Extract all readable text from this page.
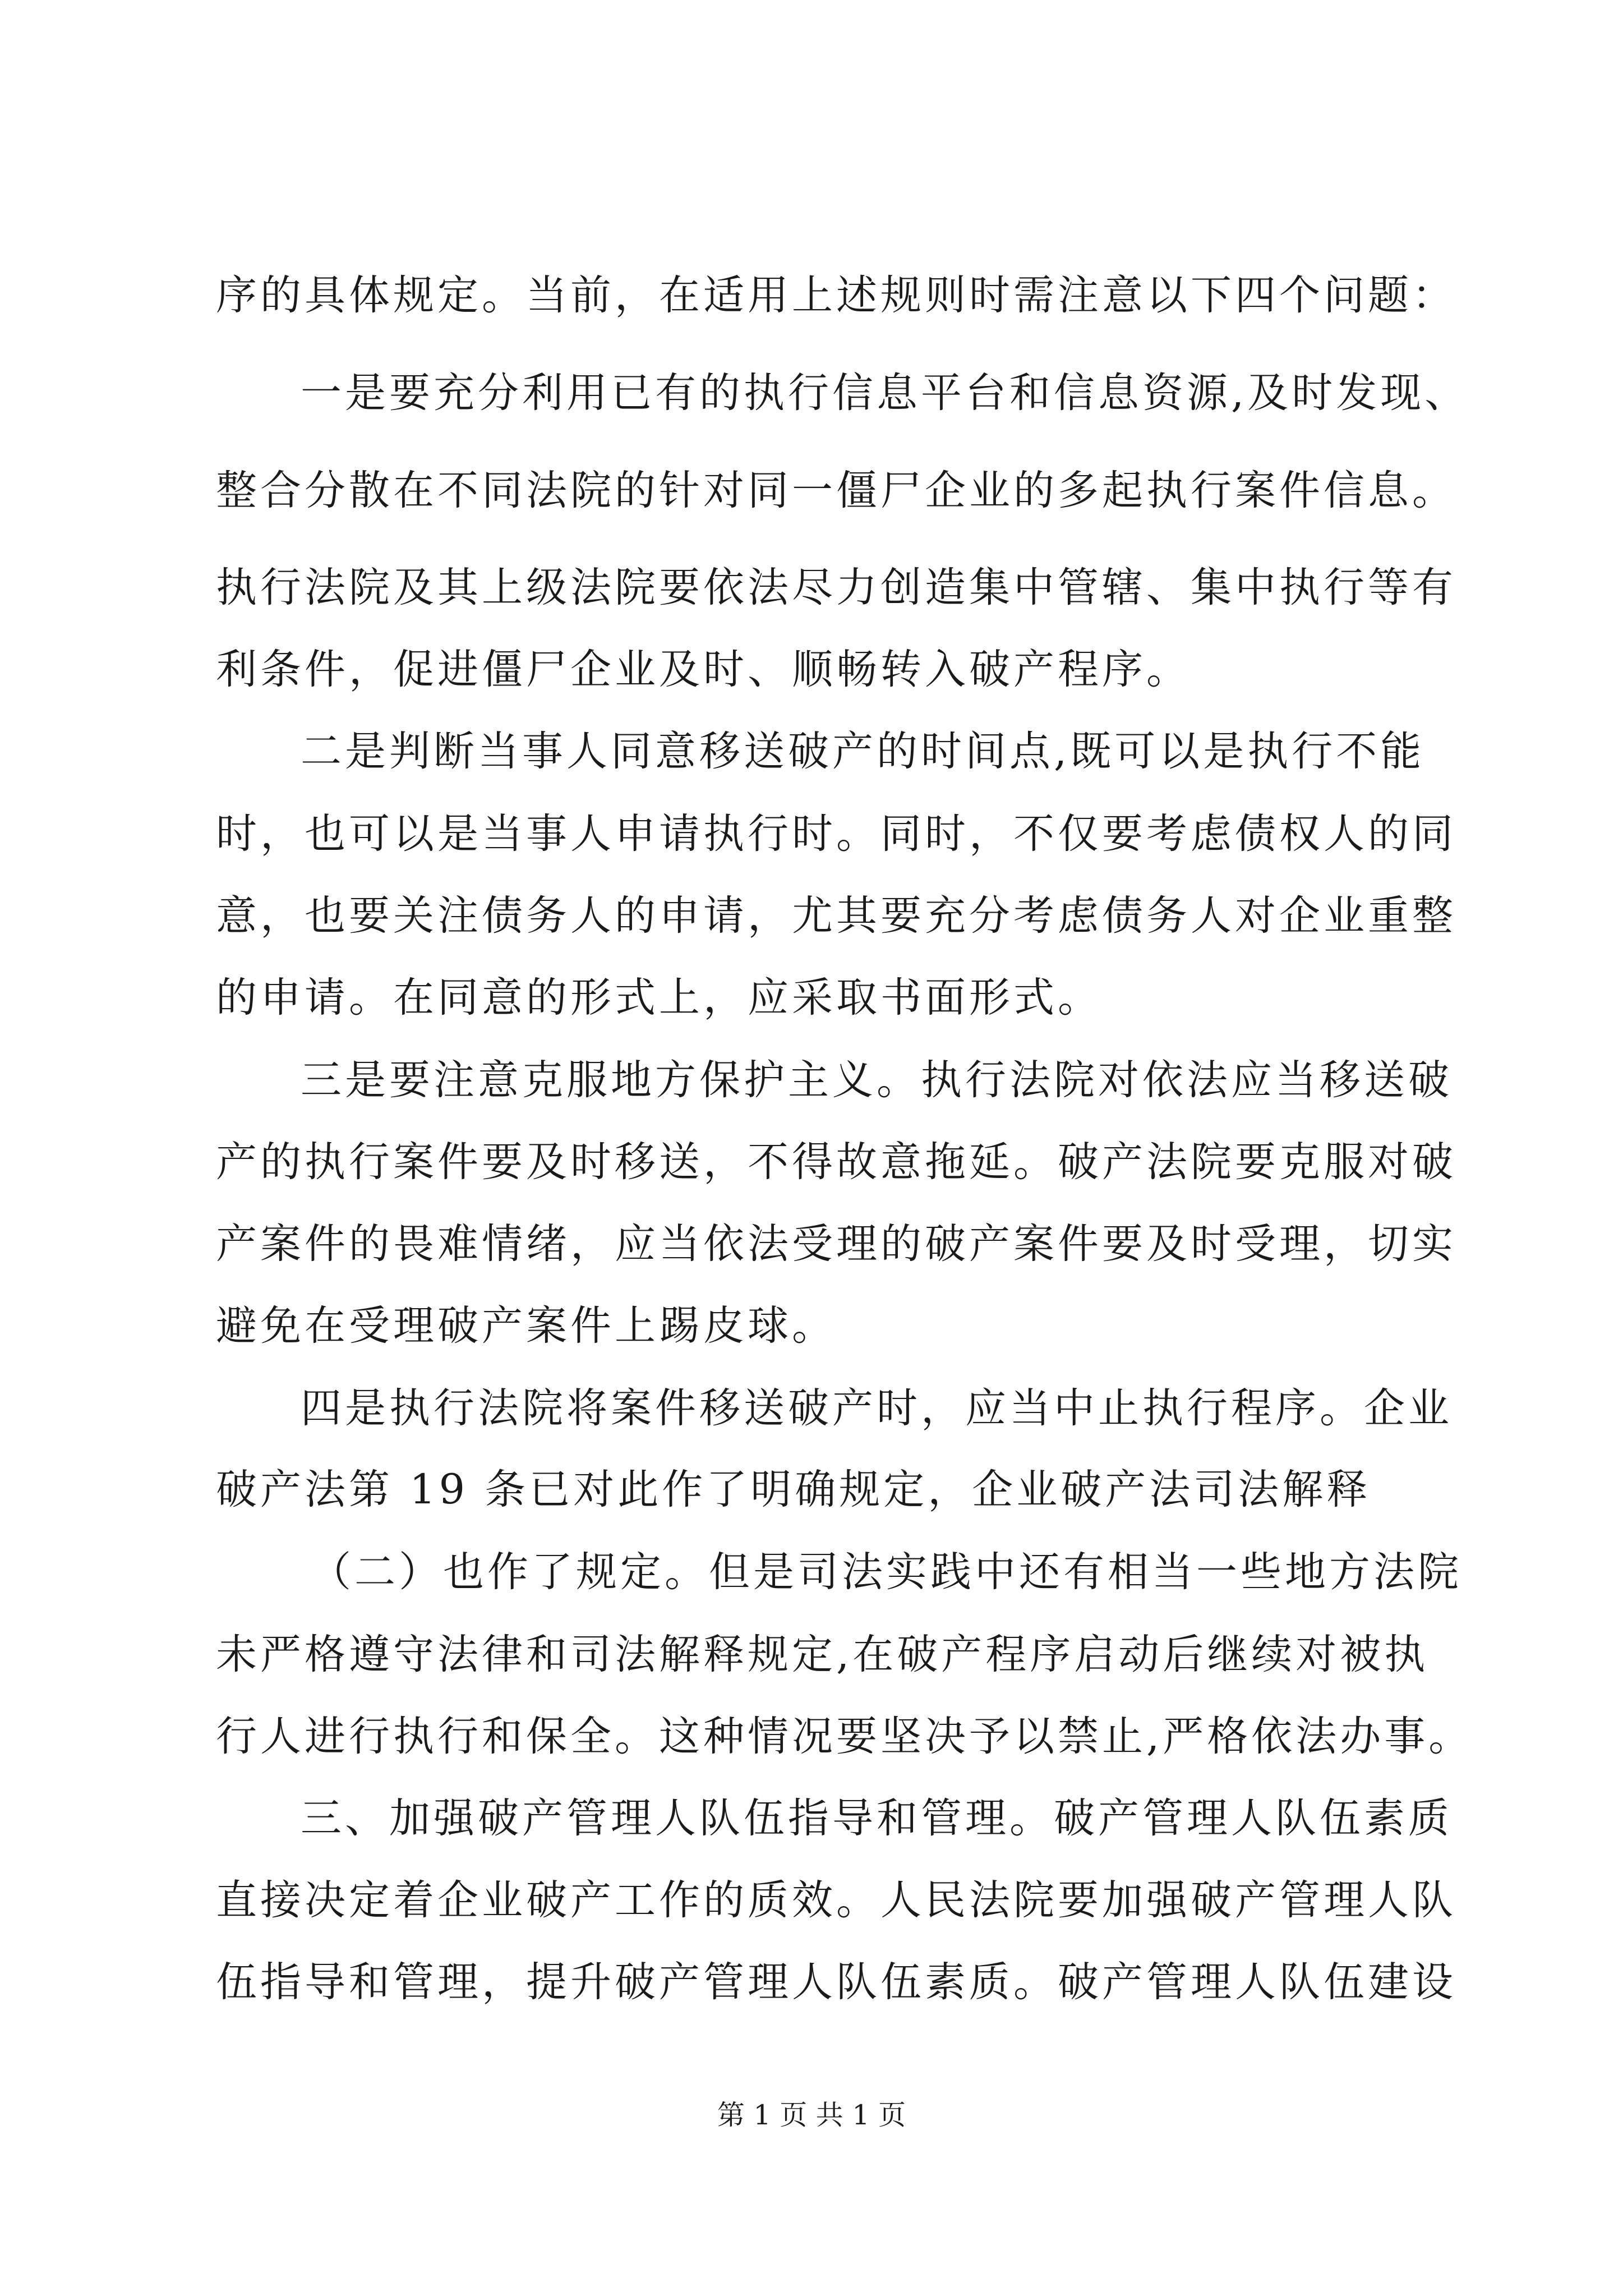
序的具体规定。当前，在适用上述规则时需注意以下四个问题：
一是要充分利用已有的执行信息平台和信息资源,及时发现、
整合分散在不同法院的针对同一僵尸企业的多起执行案件信息。
执行法院及其上级法院要依法尽力创造集中管辖、集中执行等有
利条件，促进僵尸企业及时、顺畅转入破产程序。
二是判断当事人同意移送破产的时间点,既可以是执行不能
时，也可以是当事人申请执行时。同时，不仅要考虑债权人的同
意，也要关注债务人的申请，尤其要充分考虑债务人对企业重整
的申请。在同意的形式上，应采取书面形式。
三是要注意克服地方保护主义。执行法院对依法应当移送破
产的执行案件要及时移送，不得故意拖延。破产法院要克服对破
产案件的畏难情绪，应当依法受理的破产案件要及时受理，切实
避免在受理破产案件上踢皮球。
四是执行法院将案件移送破产时，应当中止执行程序。企业
破产法第 19 条已对此作了明确规定，企业破产法司法解释
（二）也作了规定。但是司法实践中还有相当一些地方法院
未严格遵守法律和司法解释规定,在破产程序启动后继续对被执
行人进行执行和保全。这种情况要坚决予以禁止,严格依法办事。
三、加强破产管理人队伍指导和管理。破产管理人队伍素质
直接决定着企业破产工作的质效。人民法院要加强破产管理人队
伍指导和管理，提升破产管理人队伍素质。破产管理人队伍建设
第 1 页 共 1 页
